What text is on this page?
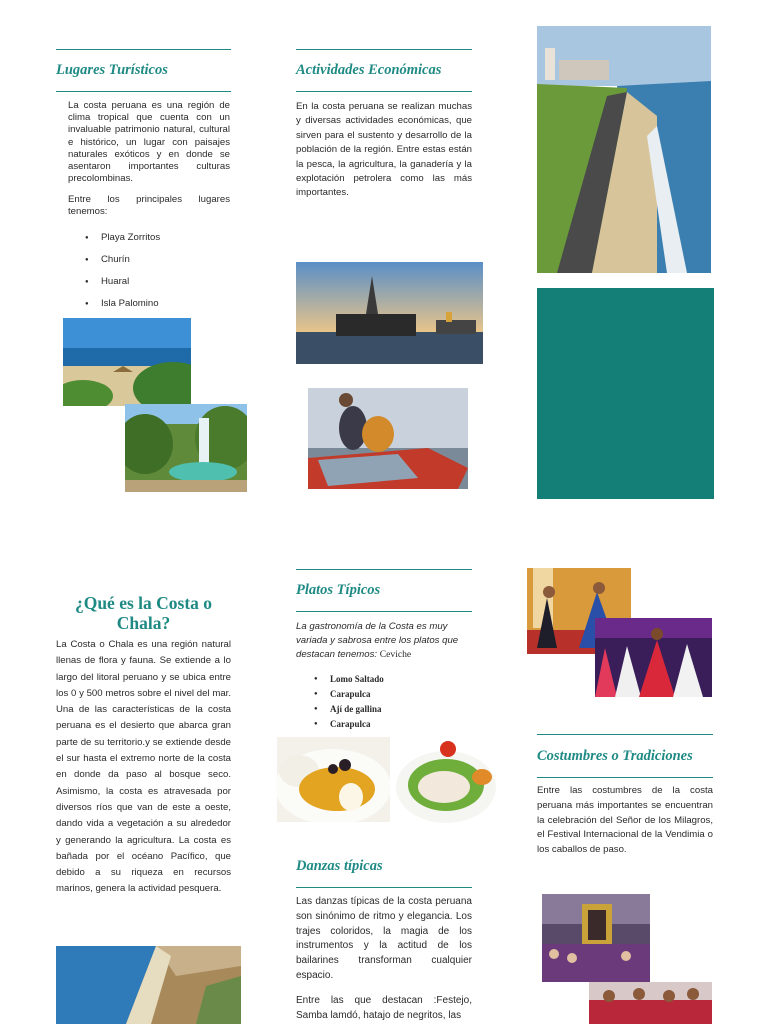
Lugares Turísticos
La costa peruana es una región de clima tropical que cuenta con un invaluable patrimonio natural, cultural e histórico, un lugar con paisajes naturales exóticos y en donde se asentaron importantes culturas precolombinas.
Entre los principales lugares tenemos:
● Playa Zorritos
● Churín
● Huaral
● Isla Palomino
Actividades Económicas
En la costa peruana se realizan muchas y diversas actividades económicas, que sirven para el sustento y desarrollo de la población de la región. Entre estas están la pesca, la agricultura, la ganadería y la explotación petrolera como las más importantes.
¿Qué es la Costa o Chala?
La Costa o Chala es una región natural llenas de flora y fauna. Se extiende a lo largo del litoral peruano y se ubica entre los 0 y 500 metros sobre el nivel del mar. Una de las características de la costa peruana es el desierto que abarca gran parte de su territorio.y se extiende desde el sur hasta el extremo norte de la costa en donde da paso al bosque seco. Asimismo, la costa es atravesada por diversos ríos que van de este a oeste, dando vida a vegetación a su alrededor y generando la agricultura. La costa es bañada por el océano Pacífico, que debido a su riqueza en recursos marinos, genera la actividad pesquera.
Platos Típicos
La gastronomía de la Costa es muy variada y sabrosa entre los platos que destacan tenemos: Ceviche
● Lomo Saltado
● Carapulca
● Ají de gallina
● Carapulca
Danzas típicas
Las danzas típicas de la costa peruana son sinónimo de ritmo y elegancia. Los trajes coloridos, la magia de los instrumentos y la actitud de los bailarines transforman cualquier espacio.
Entre las que destacan :Festejo, Samba lamdó, hatajo de negritos, las
Costumbres o Tradiciones
Entre las costumbres de la costa peruana más importantes se encuentran la celebración del Señor de los Milagros, el Festival Internacional de la Vendimia o los caballos de paso.
